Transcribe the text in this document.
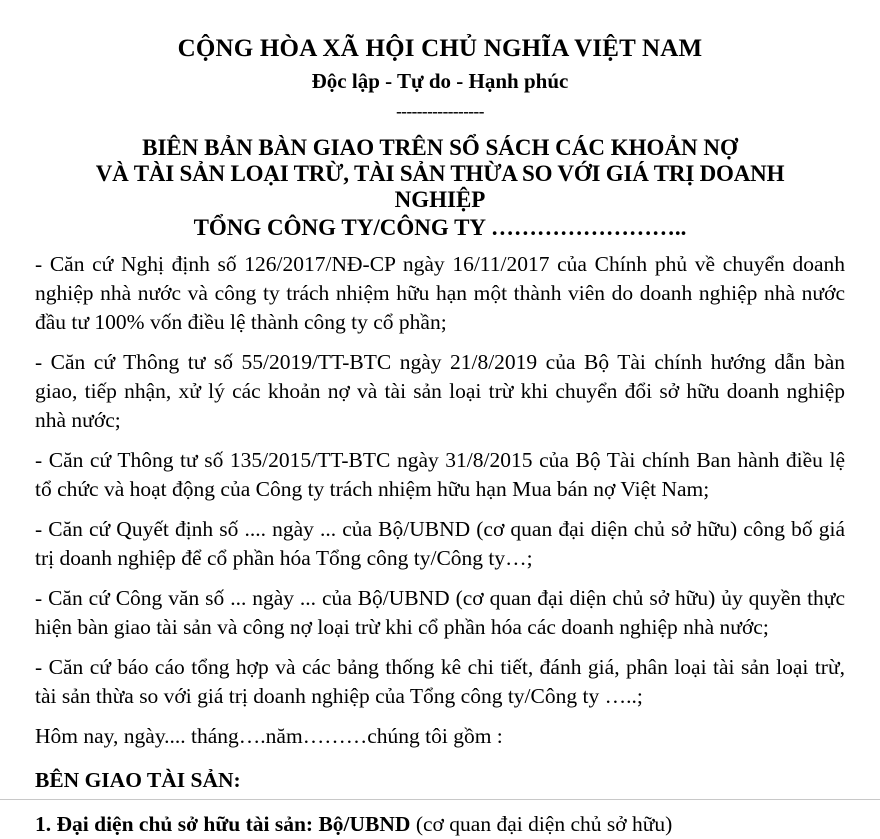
CỘNG HÒA XÃ HỘI CHỦ NGHĨA VIỆT NAM
Độc lập - Tự do - Hạnh phúc
-----------------
BIÊN BẢN BÀN GIAO TRÊN SỔ SÁCH CÁC KHOẢN NỢ
VÀ TÀI SẢN LOẠI TRỪ, TÀI SẢN THỪA SO VỚI GIÁ TRỊ DOANH
NGHIỆP
TỔNG CÔNG TY/CÔNG TY ……………………..

- Căn cứ Nghị định số 126/2017/NĐ-CP ngày 16/11/2017 của Chính phủ về chuyển doanh nghiệp nhà nước và công ty trách nhiệm hữu hạn một thành viên do doanh nghiệp nhà nước đầu tư 100% vốn điều lệ thành công ty cổ phần;

- Căn cứ Thông tư số 55/2019/TT-BTC ngày 21/8/2019 của Bộ Tài chính hướng dẫn bàn giao, tiếp nhận, xử lý các khoản nợ và tài sản loại trừ khi chuyển đổi sở hữu doanh nghiệp nhà nước;

- Căn cứ Thông tư số 135/2015/TT-BTC ngày 31/8/2015 của Bộ Tài chính Ban hành điều lệ tổ chức và hoạt động của Công ty trách nhiệm hữu hạn Mua bán nợ Việt Nam;

- Căn cứ Quyết định số .... ngày ... của Bộ/UBND (cơ quan đại diện chủ sở hữu) công bố giá trị doanh nghiệp để cổ phần hóa Tổng công ty/Công ty…;

- Căn cứ Công văn số ... ngày ... của Bộ/UBND (cơ quan đại diện chủ sở hữu) ủy quyền thực hiện bàn giao tài sản và công nợ loại trừ khi cổ phần hóa các doanh nghiệp nhà nước;

- Căn cứ báo cáo tổng hợp và các bảng thống kê chi tiết, đánh giá, phân loại tài sản loại trừ, tài sản thừa so với giá trị doanh nghiệp của Tổng công ty/Công ty …..;

Hôm nay, ngày.... tháng….năm………chúng tôi gồm :

BÊN GIAO TÀI SẢN:

1. Đại diện chủ sở hữu tài sản: Bộ/UBND (cơ quan đại diện chủ sở hữu)
